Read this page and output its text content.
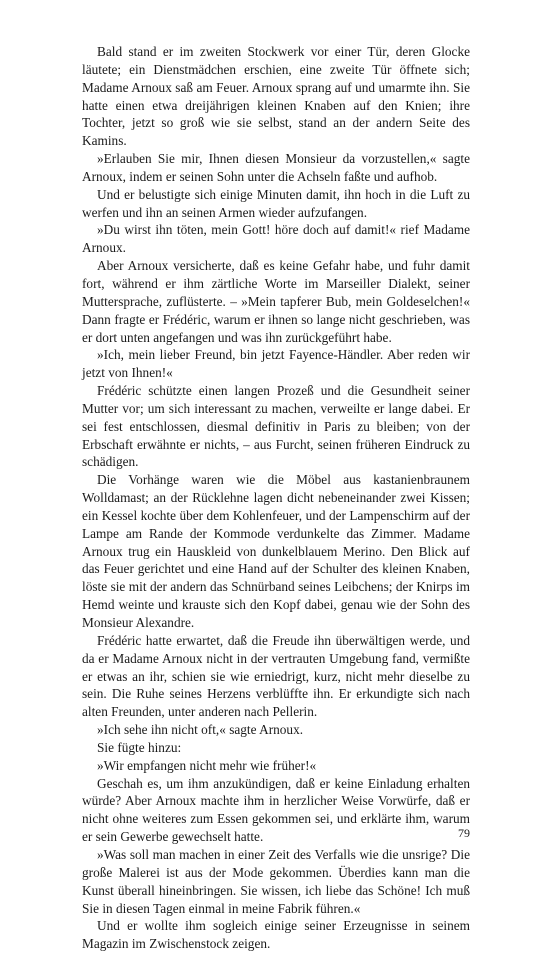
Bald stand er im zweiten Stockwerk vor einer Tür, deren Glocke läutete; ein Dienstmädchen erschien, eine zweite Tür öffnete sich; Madame Arnoux saß am Feuer. Arnoux sprang auf und umarmte ihn. Sie hatte einen etwa dreijährigen kleinen Knaben auf den Knien; ihre Tochter, jetzt so groß wie sie selbst, stand an der andern Seite des Kamins.

»Erlauben Sie mir, Ihnen diesen Monsieur da vorzustellen,« sagte Arnoux, indem er seinen Sohn unter die Achseln faßte und aufhob.

Und er belustigte sich einige Minuten damit, ihn hoch in die Luft zu werfen und ihn an seinen Armen wieder aufzufangen.

»Du wirst ihn töten, mein Gott! höre doch auf damit!« rief Madame Arnoux.

Aber Arnoux versicherte, daß es keine Gefahr habe, und fuhr damit fort, während er ihm zärtliche Worte im Marseiller Dialekt, seiner Muttersprache, zuflüsterte. – »Mein tapferer Bub, mein Goldeselchen!« Dann fragte er Frédéric, warum er ihnen so lange nicht geschrieben, was er dort unten angefangen und was ihn zurückgeführt habe.

»Ich, mein lieber Freund, bin jetzt Fayence-Händler. Aber reden wir jetzt von Ihnen!«

Frédéric schützte einen langen Prozeß und die Gesundheit seiner Mutter vor; um sich interessant zu machen, verweilte er lange dabei. Er sei fest entschlossen, diesmal definitiv in Paris zu bleiben; von der Erbschaft erwähnte er nichts, – aus Furcht, seinen früheren Eindruck zu schädigen.

Die Vorhänge waren wie die Möbel aus kastanienbraunem Wolldamast; an der Rücklehne lagen dicht nebeneinander zwei Kissen; ein Kessel kochte über dem Kohlenfeuer, und der Lampenschirm auf der Lampe am Rande der Kommode verdunkelte das Zimmer. Madame Arnoux trug ein Hauskleid von dunkelblauem Merino. Den Blick auf das Feuer gerichtet und eine Hand auf der Schulter des kleinen Knaben, löste sie mit der andern das Schnürband seines Leibchens; der Knirps im Hemd weinte und krauste sich den Kopf dabei, genau wie der Sohn des Monsieur Alexandre.

Frédéric hatte erwartet, daß die Freude ihn überwältigen werde, und da er Madame Arnoux nicht in der vertrauten Umgebung fand, vermißte er etwas an ihr, schien sie wie erniedrigt, kurz, nicht mehr dieselbe zu sein. Die Ruhe seines Herzens verblüffte ihn. Er erkundigte sich nach alten Freunden, unter anderen nach Pellerin.

»Ich sehe ihn nicht oft,« sagte Arnoux.

Sie fügte hinzu:

»Wir empfangen nicht mehr wie früher!«

Geschah es, um ihm anzukündigen, daß er keine Einladung erhalten würde? Aber Arnoux machte ihm in herzlicher Weise Vorwürfe, daß er nicht ohne weiteres zum Essen gekommen sei, und erklärte ihm, warum er sein Gewerbe gewechselt hatte.

»Was soll man machen in einer Zeit des Verfalls wie die unsrige? Die große Malerei ist aus der Mode gekommen. Überdies kann man die Kunst überall hineinbringen. Sie wissen, ich liebe das Schöne! Ich muß Sie in diesen Tagen einmal in meine Fabrik führen.«

Und er wollte ihm sogleich einige seiner Erzeugnisse in seinem Magazin im Zwischenstock zeigen.

79
